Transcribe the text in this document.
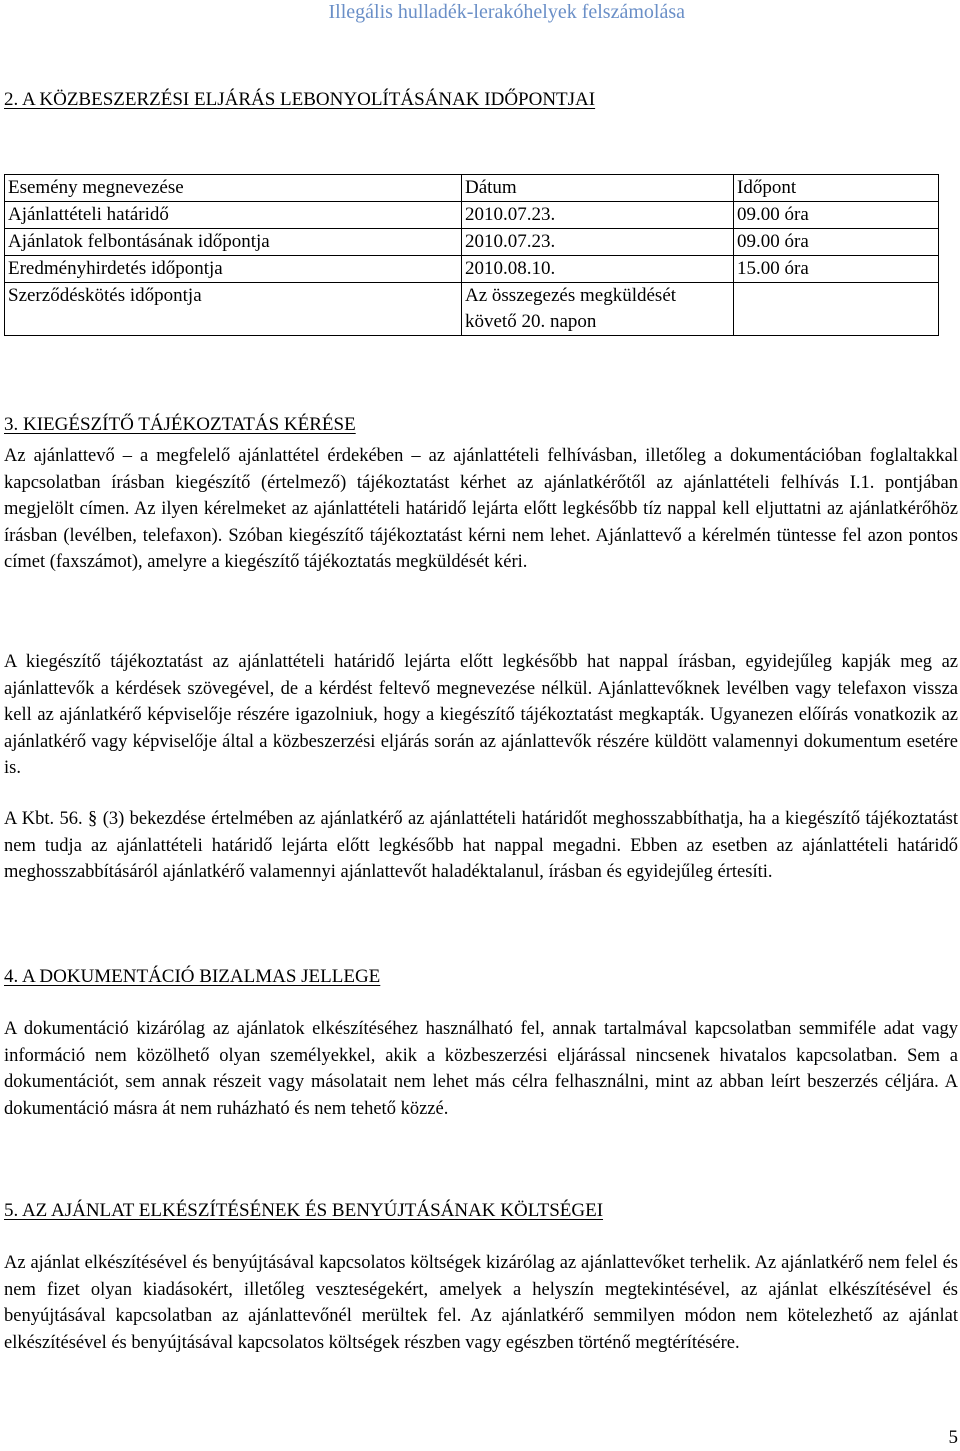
Illegális hulladék-lerakóhelyek felszámolása
2. A KÖZBESZERZÉSI ELJÁRÁS LEBONYOLÍTÁSÁNAK IDŐPONTJAI
Esemény megnevezése	Dátum	Időpont
Ajánlattételi határidő	2010.07.23.	09.00 óra
Ajánlatok felbontásának időpontja	2010.07.23.	09.00 óra
Eredményhirdetés időpontja	2010.08.10.	15.00 óra
Szerződéskötés időpontja	Az összegezés megküldését követő 20. napon	
3. KIEGÉSZÍTŐ TÁJÉKOZTATÁS KÉRÉSE

Az ajánlattevő – a megfelelő ajánlattétel érdekében – az ajánlattételi felhívásban, illetőleg a dokumentációban foglaltakkal kapcsolatban írásban kiegészítő (értelmező) tájékoztatást kérhet az ajánlatkérőtől az ajánlattételi felhívás I.1. pontjában megjelölt címen. Az ilyen kérelmeket az ajánlattételi határidő lejárta előtt legkésőbb tíz nappal kell eljuttatni az ajánlatkérőhöz írásban (levélben, telefaxon). Szóban kiegészítő tájékoztatást kérni nem lehet. Ajánlattevő a kérelmén tüntesse fel azon pontos címet (faxszámot), amelyre a kiegészítő tájékoztatás megküldését kéri.

A kiegészítő tájékoztatást az ajánlattételi határidő lejárta előtt legkésőbb hat nappal írásban, egyidejűleg kapják meg az ajánlattevők a kérdések szövegével, de a kérdést feltevő megnevezése nélkül. Ajánlattevőknek levélben vagy telefaxon vissza kell az ajánlatkérő képviselője részére igazolniuk, hogy a kiegészítő tájékoztatást megkapták. Ugyanezen előírás vonatkozik az ajánlatkérő vagy képviselője által a közbeszerzési eljárás során az ajánlattevők részére küldött valamennyi dokumentum esetére is.

A Kbt. 56. § (3) bekezdése értelmében az ajánlatkérő az ajánlattételi határidőt meghosszabbíthatja, ha a kiegészítő tájékoztatást nem tudja az ajánlattételi határidő lejárta előtt legkésőbb hat nappal megadni. Ebben az esetben az ajánlattételi határidő meghosszabbításáról ajánlatkérő valamennyi ajánlattevőt haladéktalanul, írásban és egyidejűleg értesíti.

4. A DOKUMENTÁCIÓ BIZALMAS JELLEGE

A dokumentáció kizárólag az ajánlatok elkészítéséhez használható fel, annak tartalmával kapcsolatban semmiféle adat vagy információ nem közölhető olyan személyekkel, akik a közbeszerzési eljárással nincsenek hivatalos kapcsolatban. Sem a dokumentációt, sem annak részeit vagy másolatait nem lehet más célra felhasználni, mint az abban leírt beszerzés céljára. A dokumentáció másra át nem ruházható és nem tehető közzé.

5. AZ AJÁNLAT ELKÉSZÍTÉSÉNEK ÉS BENYÚJTÁSÁNAK KÖLTSÉGEI

Az ajánlat elkészítésével és benyújtásával kapcsolatos költségek kizárólag az ajánlattevőket terhelik. Az ajánlatkérő nem felel és nem fizet olyan kiadásokért, illetőleg veszteségekért, amelyek a helyszín megtekintésével, az ajánlat elkészítésével és benyújtásával kapcsolatban az ajánlattevőnél merültek fel. Az ajánlatkérő semmilyen módon nem kötelezhető az ajánlat elkészítésével és benyújtásával kapcsolatos költségek részben vagy egészben történő megtérítésére.

5
